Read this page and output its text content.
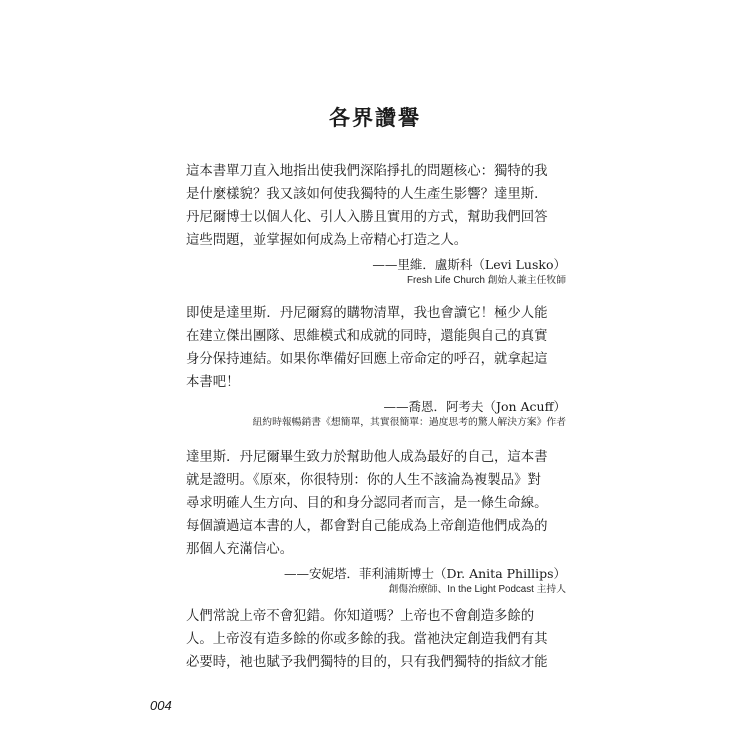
各界讚譽
這本書單刀直入地指出使我們深陷掙扎的問題核心：獨特的我
是什麼樣貌？我又該如何使我獨特的人生產生影響？達里斯．
丹尼爾博士以個人化、引人入勝且實用的方式，幫助我們回答
這些問題，並掌握如何成為上帝精心打造之人。
——里維．盧斯科（Levi Lusko）
Fresh Life Church 創始人兼主任牧師
即使是達里斯．丹尼爾寫的購物清單，我也會讀它！極少人能
在建立傑出團隊、思維模式和成就的同時，還能與自己的真實
身分保持連結。如果你準備好回應上帝命定的呼召，就拿起這
本書吧！
——喬恩．阿考夫（Jon Acuff）
紐約時報暢銷書《想簡單，其實很簡單：過度思考的驚人解決方案》作者
達里斯．丹尼爾畢生致力於幫助他人成為最好的自己，這本書
就是證明。《原來，你很特別：你的人生不該淪為複製品》對
尋求明確人生方向、目的和身分認同者而言，是一條生命線。
每個讀過這本書的人，都會對自己能成為上帝創造他們成為的
那個人充滿信心。
——安妮塔．菲利浦斯博士（Dr. Anita Phillips）
創傷治療師、In the Light Podcast 主持人
人們常說上帝不會犯錯。你知道嗎？上帝也不會創造多餘的
人。上帝沒有造多餘的你或多餘的我。當祂決定創造我們有其
必要時，祂也賦予我們獨特的目的，只有我們獨特的指紋才能
004
